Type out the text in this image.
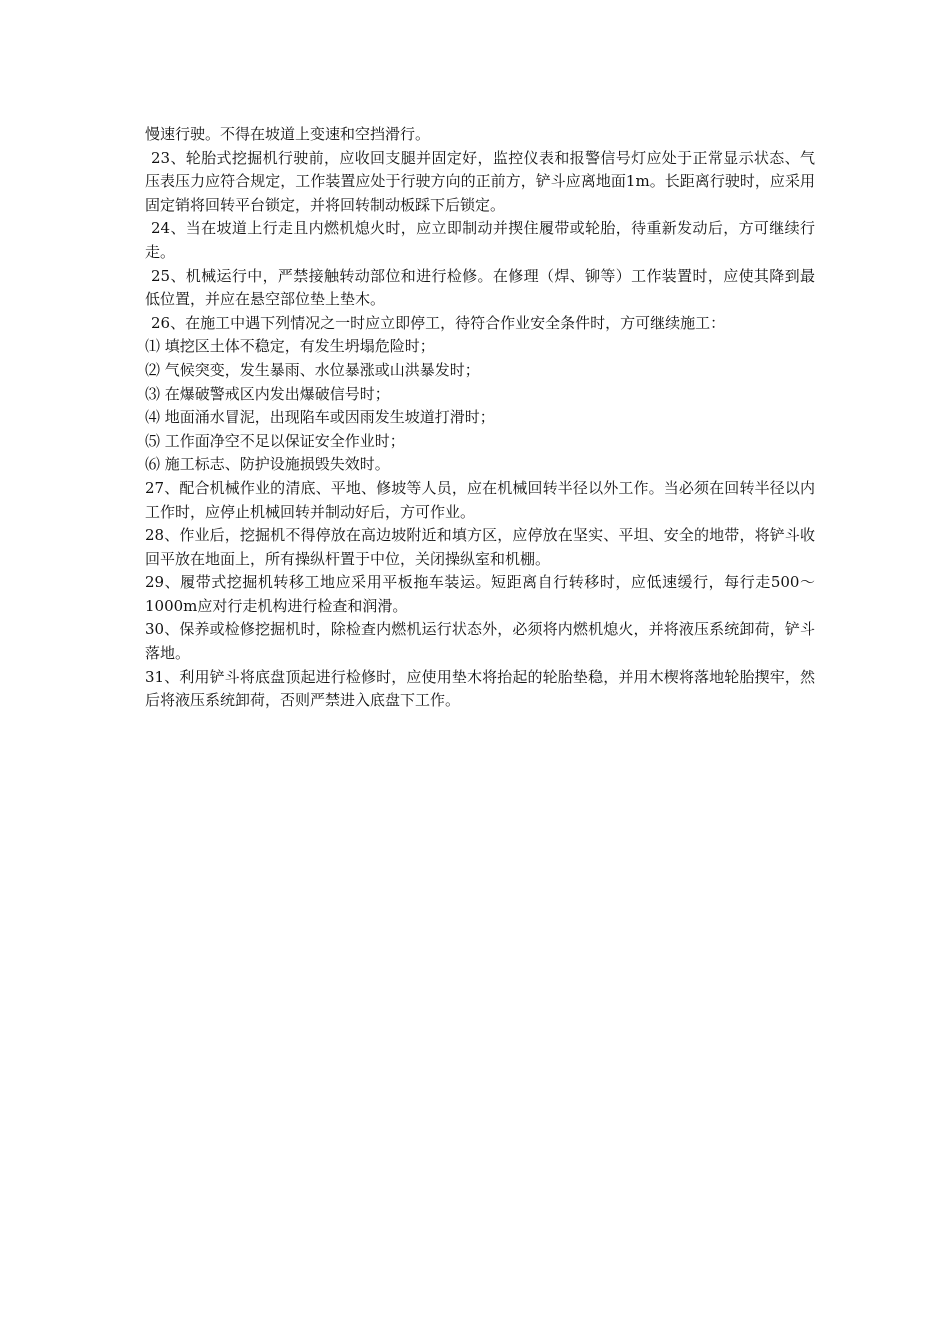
慢速行驶。不得在坡道上变速和空挡滑行。

23、轮胎式挖掘机行驶前，应收回支腿并固定好，监控仪表和报警信号灯应处于正常显示状态、气压表压力应符合规定，工作装置应处于行驶方向的正前方，铲斗应离地面1m。长距离行驶时，应采用固定销将回转平台锁定，并将回转制动板踩下后锁定。

24、当在坡道上行走且内燃机熄火时，应立即制动并揳住履带或轮胎，待重新发动后，方可继续行走。

25、机械运行中，严禁接触转动部位和进行检修。在修理（焊、铆等）工作装置时，应使其降到最低位置，并应在悬空部位垫上垫木。

26、在施工中遇下列情况之一时应立即停工，待符合作业安全条件时，方可继续施工：

⑴ 填挖区土体不稳定，有发生坍塌危险时；

⑵ 气候突变，发生暴雨、水位暴涨或山洪暴发时；

⑶ 在爆破警戒区内发出爆破信号时；

⑷ 地面涌水冒泥，出现陷车或因雨发生坡道打滑时；

⑸ 工作面净空不足以保证安全作业时；

⑹ 施工标志、防护设施损毁失效时。

27、配合机械作业的清底、平地、修坡等人员，应在机械回转半径以外工作。当必须在回转半径以内工作时，应停止机械回转并制动好后，方可作业。

28、作业后，挖掘机不得停放在高边坡附近和填方区，应停放在坚实、平坦、安全的地带，将铲斗收回平放在地面上，所有操纵杆置于中位，关闭操纵室和机棚。

29、履带式挖掘机转移工地应采用平板拖车装运。短距离自行转移时，应低速缓行，每行走500～1000m应对行走机构进行检查和润滑。

30、保养或检修挖掘机时，除检查内燃机运行状态外，必须将内燃机熄火，并将液压系统卸荷，铲斗落地。

31、利用铲斗将底盘顶起进行检修时，应使用垫木将抬起的轮胎垫稳，并用木楔将落地轮胎揳牢，然后将液压系统卸荷，否则严禁进入底盘下工作。
